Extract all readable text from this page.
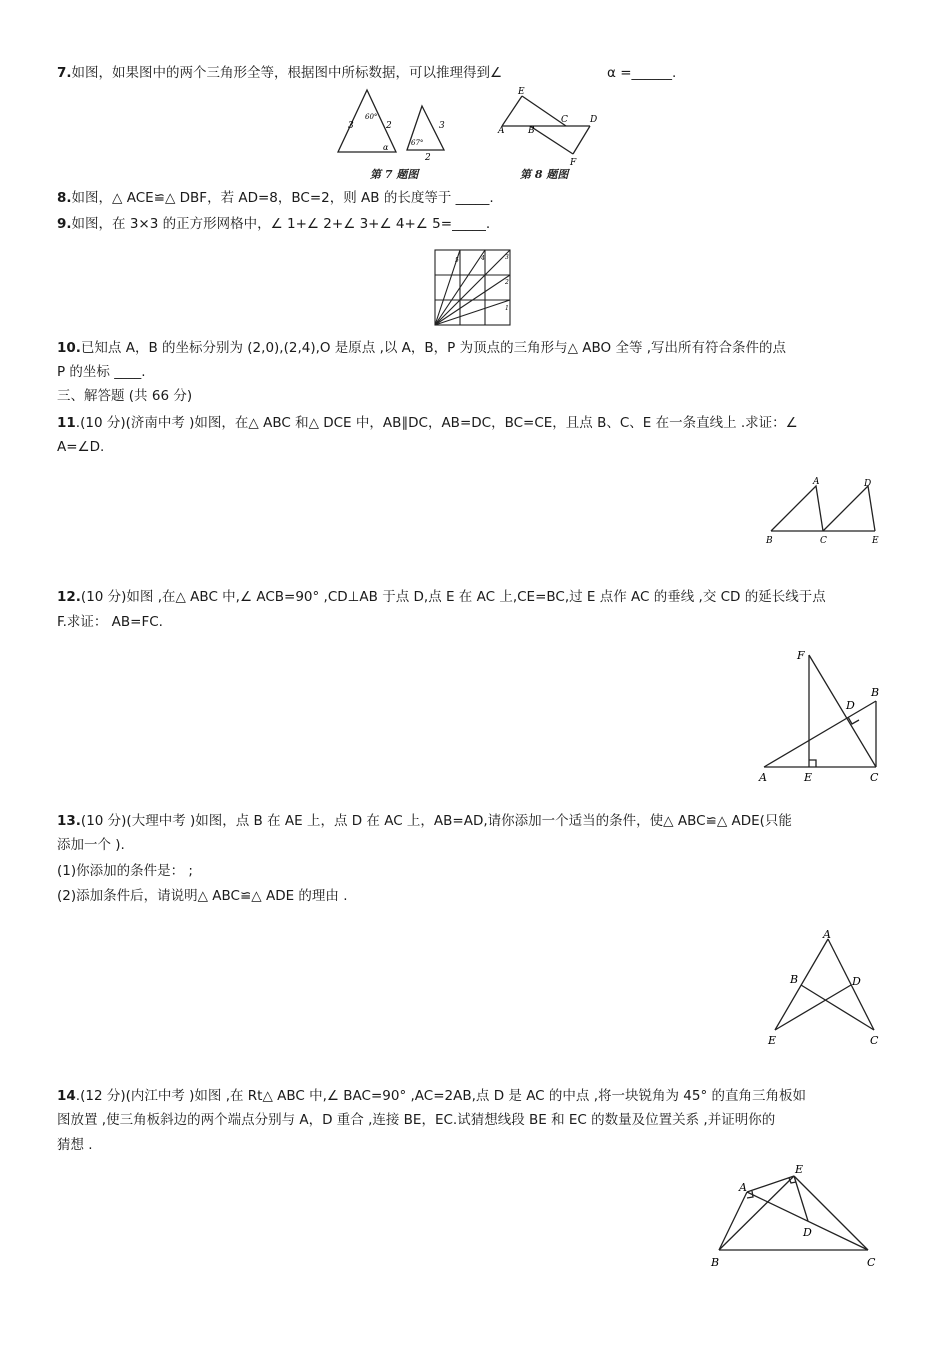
7.如图，如果图中的两个三角形全等，根据图中所标数据，可以推理得到∠	α =______.
60°
67°
3	2
α
3
2
第 7 题图
E
A	B
C D
F
第 8 题图
8.如图，△ ACE≌△ DBF，若 AD=8，BC=2，则 AB 的长度等于 _____.
9.如图，在 3×3 的正方形网格中，∠ 1+∠ 2+∠ 3+∠ 4+∠ 5=_____.
5	4	3
2
1
10.已知点 A，B 的坐标分别为 (2,0),(2,4),O 是原点 ,以 A，B，P 为顶点的三角形与△ ABO 全等 ,写出所有符合条件的点
P 的坐标 ____.
三、解答题 (共 66 分)
11.(10 分)(济南中考 )如图，在△ ABC 和△ DCE 中，AB∥DC，AB=DC，BC=CE，且点 B、C、E 在一条直线上 .求证：∠
A=∠D.
A	D
B	C	E
12.(10 分)如图 ,在△ ABC 中,∠ ACB=90° ,CD⊥AB 于点 D,点 E 在 AC 上,CE=BC,过 E 点作 AC 的垂线 ,交 CD 的延长线于点
F.求证： AB=FC.
F
D
B
A	E	C
13.(10 分)(大理中考 )如图，点 B 在 AE 上，点 D 在 AC 上，AB=AD,请你添加一个适当的条件，使△ ABC≌△ ADE(只能
添加一个 ).
(1)你添加的条件是： ;
(2)添加条件后，请说明△ ABC≌△ ADE 的理由 .
A
B	D
E	C
14.(12 分)(内江中考 )如图 ,在 Rt△ ABC 中,∠ BAC=90° ,AC=2AB,点 D 是 AC 的中点 ,将一块锐角为 45° 的直角三角板如
图放置 ,使三角板斜边的两个端点分别与 A，D 重合 ,连接 BE，EC.试猜想线段 BE 和 EC 的数量及位置关系 ,并证明你的
猜想 .
E
A
D
B	C
